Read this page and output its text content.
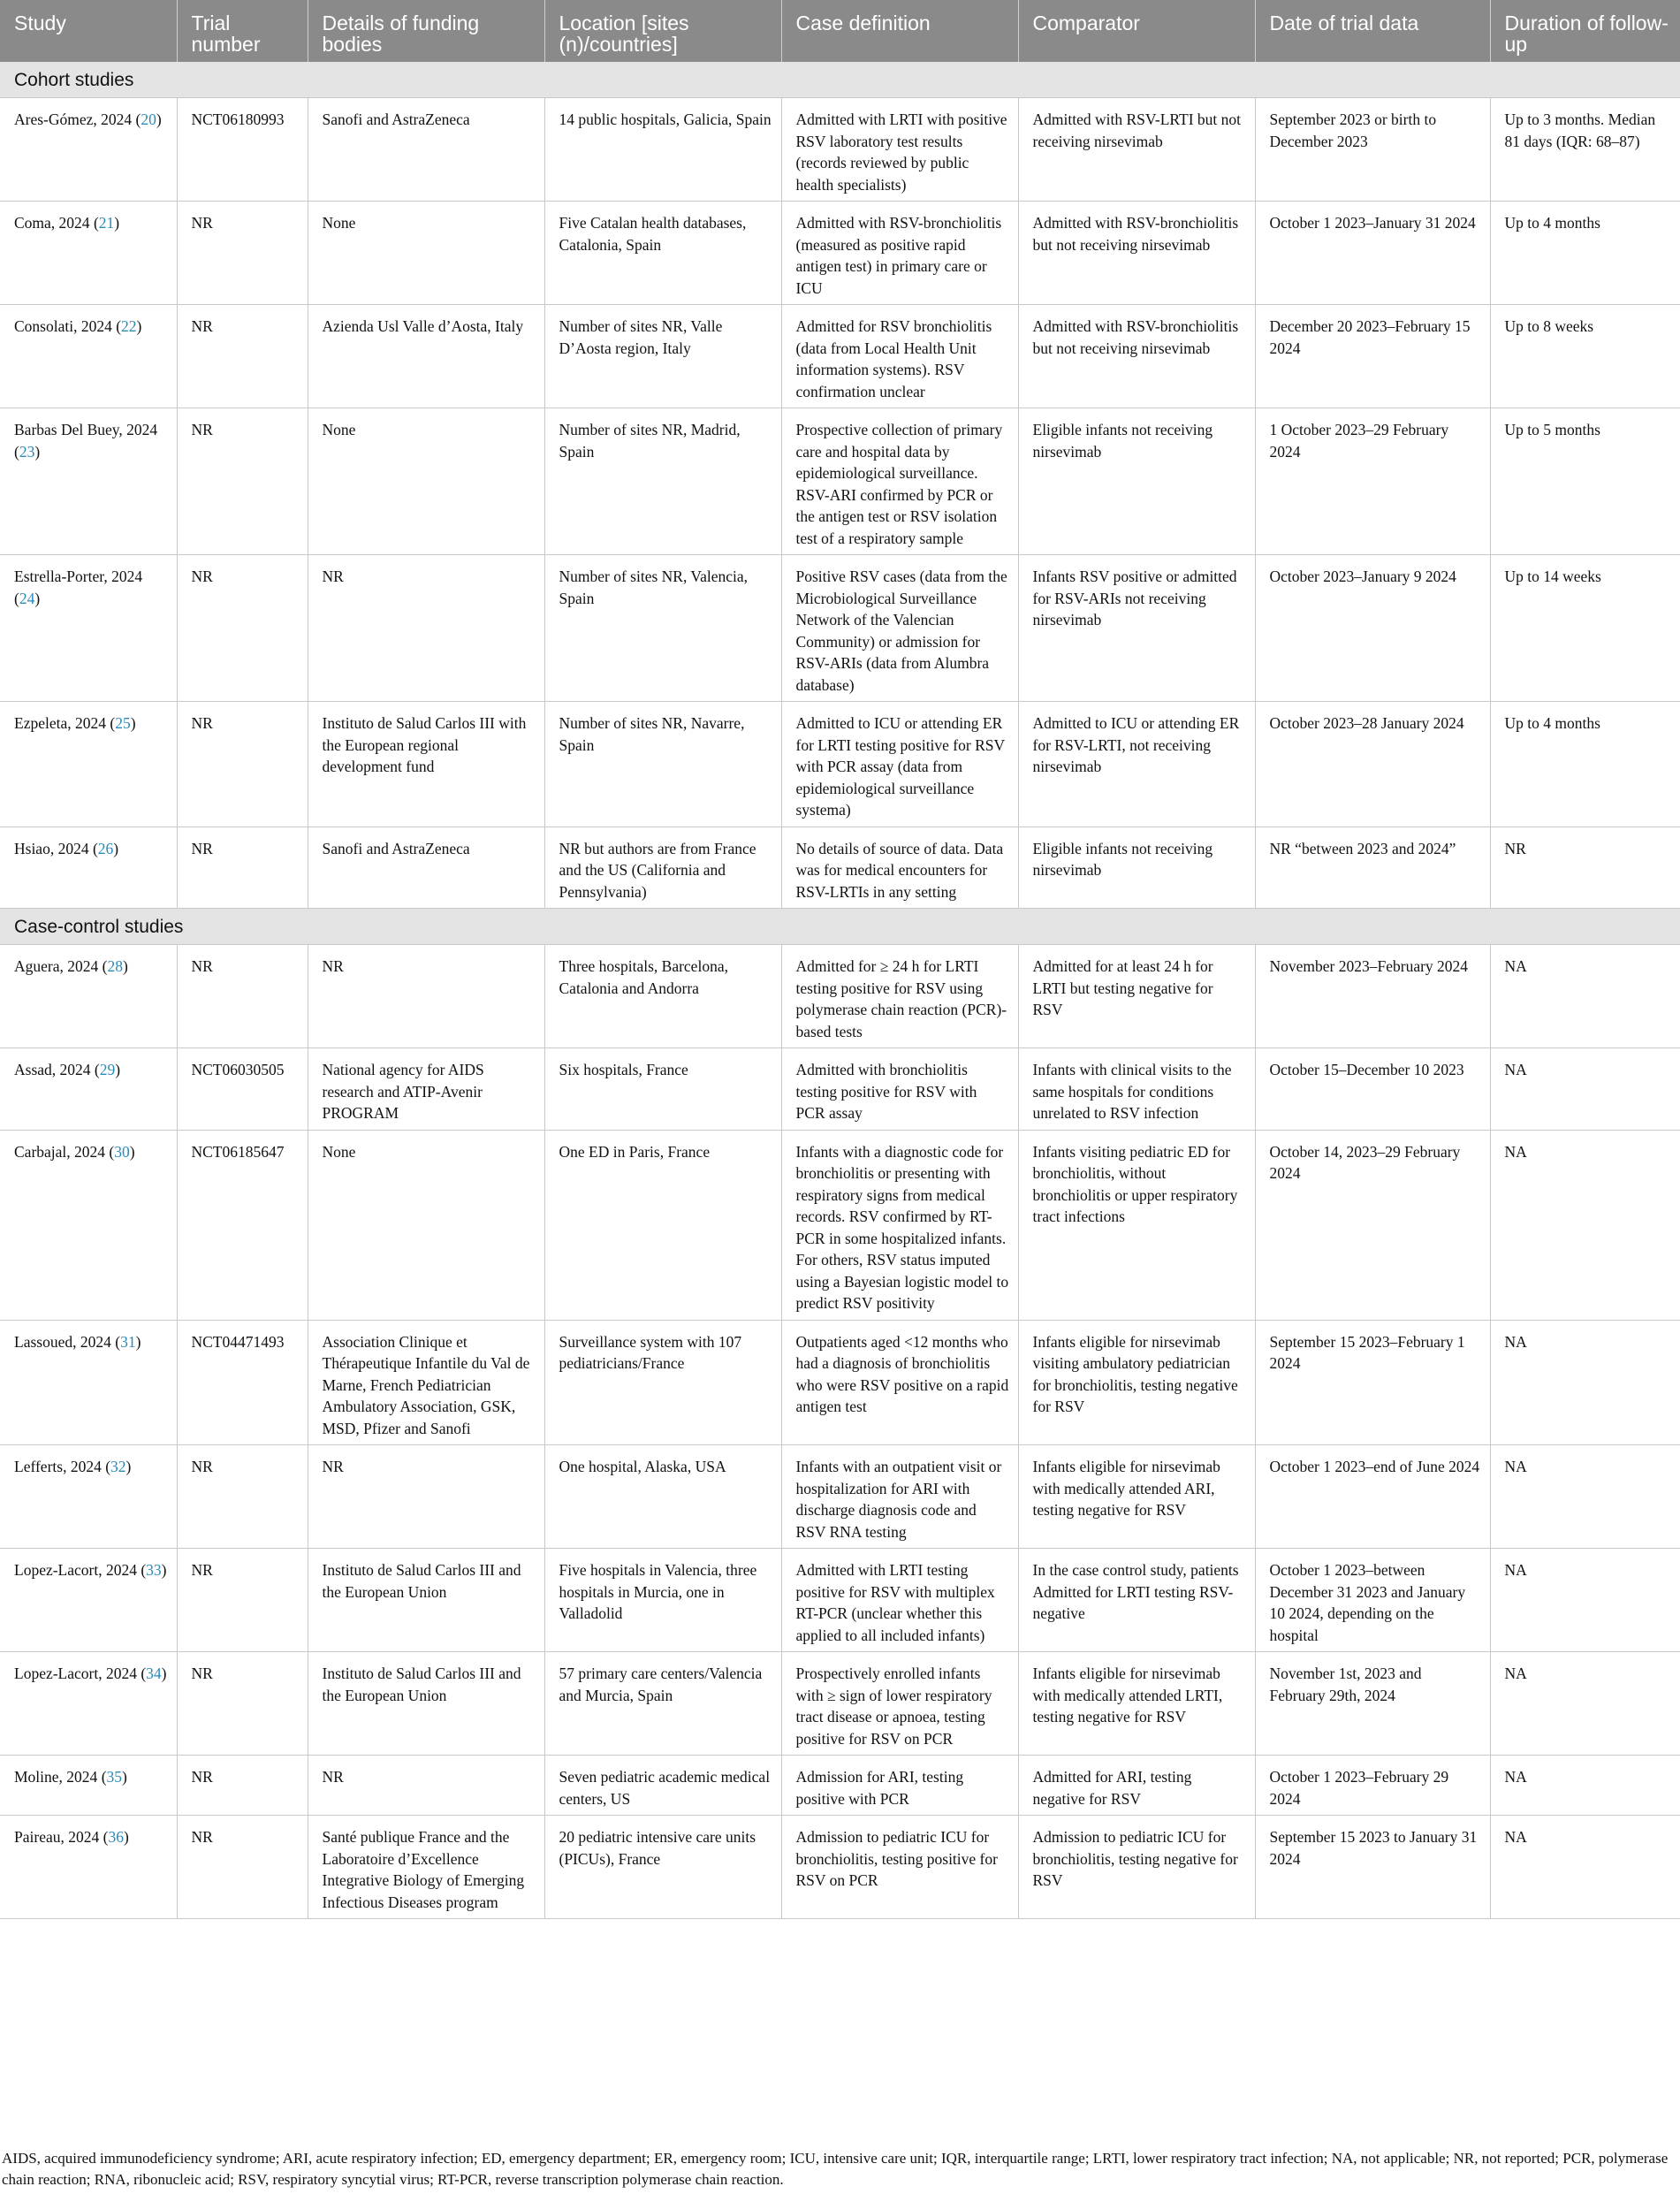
Study	Trial number	Details of funding bodies	Location [sites (n)/countries]	Case definition	Comparator	Date of trial data	Duration of follow-up
Cohort studies							
Ares-Gómez, 2024 (20)	NCT06180993	Sanofi and AstraZeneca	14 public hospitals, Galicia, Spain	Admitted with LRTI with positive RSV laboratory test results (records reviewed by public health specialists)	Admitted with RSV-LRTI but not receiving nirsevimab	September 2023 or birth to December 2023	Up to 3 months. Median 81 days (IQR: 68–87)
Coma, 2024 (21)	NR	None	Five Catalan health databases, Catalonia, Spain	Admitted with RSV-bronchiolitis (measured as positive rapid antigen test) in primary care or ICU	Admitted with RSV-bronchiolitis but not receiving nirsevimab	October 1 2023–January 31 2024	Up to 4 months
Consolati, 2024 (22)	NR	Azienda Usl Valle d’Aosta, Italy	Number of sites NR, Valle D’Aosta region, Italy	Admitted for RSV bronchiolitis (data from Local Health Unit information systems). RSV confirmation unclear	Admitted with RSV-bronchiolitis but not receiving nirsevimab	December 20 2023–February 15 2024	Up to 8 weeks
Barbas Del Buey, 2024 (23)	NR	None	Number of sites NR, Madrid, Spain	Prospective collection of primary care and hospital data by epidemiological surveillance. RSV-ARI confirmed by PCR or the antigen test or RSV isolation test of a respiratory sample	Eligible infants not receiving nirsevimab	1 October 2023–29 February 2024	Up to 5 months
Estrella-Porter, 2024 (24)	NR	NR	Number of sites NR, Valencia, Spain	Positive RSV cases (data from the Microbiological Surveillance Network of the Valencian Community) or admission for RSV-ARIs (data from Alumbra database)	Infants RSV positive or admitted for RSV-ARIs not receiving nirsevimab	October 2023–January 9 2024	Up to 14 weeks
Ezpeleta, 2024 (25)	NR	Instituto de Salud Carlos III with the European regional development fund	Number of sites NR, Navarre, Spain	Admitted to ICU or attending ER for LRTI testing positive for RSV with PCR assay (data from epidemiological surveillance systema)	Admitted to ICU or attending ER for RSV-LRTI, not receiving nirsevimab	October 2023–28 January 2024	Up to 4 months
Hsiao, 2024 (26)	NR	Sanofi and AstraZeneca	NR but authors are from France and the US (California and Pennsylvania)	No details of source of data. Data was for medical encounters for RSV-LRTIs in any setting	Eligible infants not receiving nirsevimab	NR “between 2023 and 2024”	NR
Case-control studies							
Aguera, 2024 (28)	NR	NR	Three hospitals, Barcelona, Catalonia and Andorra	Admitted for ≥ 24 h for LRTI testing positive for RSV using polymerase chain reaction (PCR)-based tests	Admitted for at least 24 h for LRTI but testing negative for RSV	November 2023–February 2024	NA
Assad, 2024 (29)	NCT06030505	National agency for AIDS research and ATIP-Avenir PROGRAM	Six hospitals, France	Admitted with bronchiolitis testing positive for RSV with PCR assay	Infants with clinical visits to the same hospitals for conditions unrelated to RSV infection	October 15–December 10 2023	NA
Carbajal, 2024 (30)	NCT06185647	None	One ED in Paris, France	Infants with a diagnostic code for bronchiolitis or presenting with respiratory signs from medical records. RSV confirmed by RT-PCR in some hospitalized infants. For others, RSV status imputed using a Bayesian logistic model to predict RSV positivity	Infants visiting pediatric ED for bronchiolitis, without bronchiolitis or upper respiratory tract infections	October 14, 2023–29 February 2024	NA
Lassoued, 2024 (31)	NCT04471493	Association Clinique et Thérapeutique Infantile du Val de Marne, French Pediatrician Ambulatory Association, GSK, MSD, Pfizer and Sanofi	Surveillance system with 107 pediatricians/France	Outpatients aged <12 months who had a diagnosis of bronchiolitis who were RSV positive on a rapid antigen test	Infants eligible for nirsevimab visiting ambulatory pediatrician for bronchiolitis, testing negative for RSV	September 15 2023–February 1 2024	NA
Lefferts, 2024 (32)	NR	NR	One hospital, Alaska, USA	Infants with an outpatient visit or hospitalization for ARI with discharge diagnosis code and RSV RNA testing	Infants eligible for nirsevimab with medically attended ARI, testing negative for RSV	October 1 2023–end of June 2024	NA
Lopez-Lacort, 2024 (33)	NR	Instituto de Salud Carlos III and the European Union	Five hospitals in Valencia, three hospitals in Murcia, one in Valladolid	Admitted with LRTI testing positive for RSV with multiplex RT-PCR (unclear whether this applied to all included infants)	In the case control study, patients Admitted for LRTI testing RSV-negative	October 1 2023–between December 31 2023 and January 10 2024, depending on the hospital	NA
Lopez-Lacort, 2024 (34)	NR	Instituto de Salud Carlos III and the European Union	57 primary care centers/Valencia and Murcia, Spain	Prospectively enrolled infants with ≥ sign of lower respiratory tract disease or apnoea, testing positive for RSV on PCR	Infants eligible for nirsevimab with medically attended LRTI, testing negative for RSV	November 1st, 2023 and February 29th, 2024	NA
Moline, 2024 (35)	NR	NR	Seven pediatric academic medical centers, US	Admission for ARI, testing positive with PCR	Admitted for ARI, testing negative for RSV	October 1 2023–February 29 2024	NA
Paireau, 2024 (36)	NR	Santé publique France and the Laboratoire d’Excellence Integrative Biology of Emerging Infectious Diseases program	20 pediatric intensive care units (PICUs), France	Admission to pediatric ICU for bronchiolitis, testing positive for RSV on PCR	Admission to pediatric ICU for bronchiolitis, testing negative for RSV	September 15 2023 to January 31 2024	NA
AIDS, acquired immunodeficiency syndrome; ARI, acute respiratory infection; ED, emergency department; ER, emergency room; ICU, intensive care unit; IQR, interquartile range; LRTI, lower respiratory tract infection; NA, not applicable; NR, not reported; PCR, polymerase chain reaction; RNA, ribonucleic acid; RSV, respiratory syncytial virus; RT-PCR, reverse transcription polymerase chain reaction.
